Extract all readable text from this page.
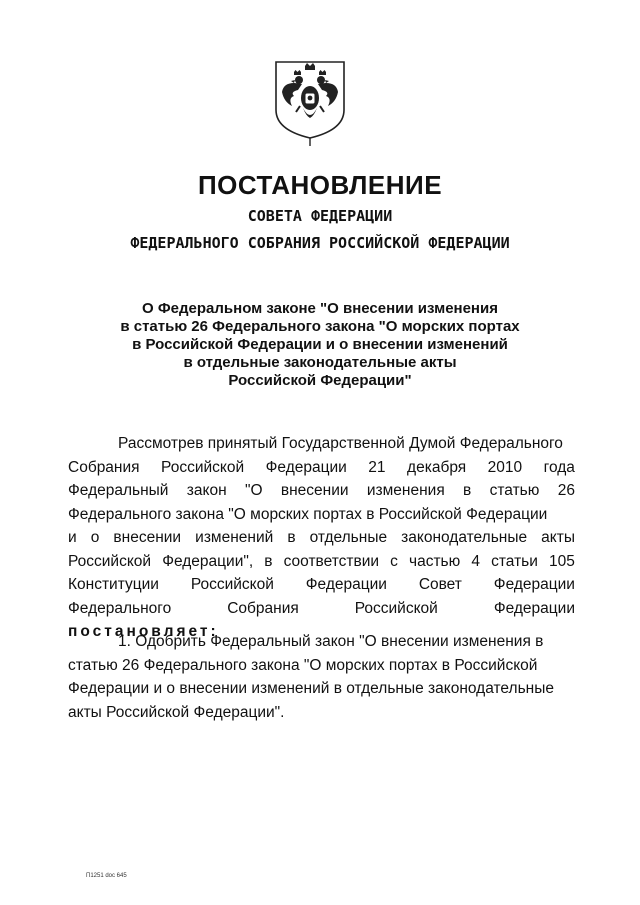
ПОСТАНОВЛЕНИЕ
СОВЕТА ФЕДЕРАЦИИ
ФЕДЕРАЛЬНОГО СОБРАНИЯ РОССИЙСКОЙ ФЕДЕРАЦИИ
О Федеральном законе "О внесении изменения
в статью 26 Федерального закона "О морских портах
в Российской Федерации и о внесении изменений
в отдельные законодательные акты
Российской Федерации"
Рассмотрев принятый Государственной Думой Федерального
Собрания Российской Федерации 21 декабря 2010 года
Федеральный закон "О внесении изменения в статью 26
Федерального закона "О морских портах в Российской Федерации
и о внесении изменений в отдельные законодательные акты
Российской Федерации", в соответствии с частью 4 статьи 105
Конституции Российской Федерации Совет Федерации
Федерального	Собрания	Российской	Федерации
постановляет:
1. Одобрить Федеральный закон "О внесении изменения в
статью 26 Федерального закона "О морских портах в Российской
Федерации и о внесении изменений в отдельные законодательные
акты Российской Федерации".
П1251 doc 645
